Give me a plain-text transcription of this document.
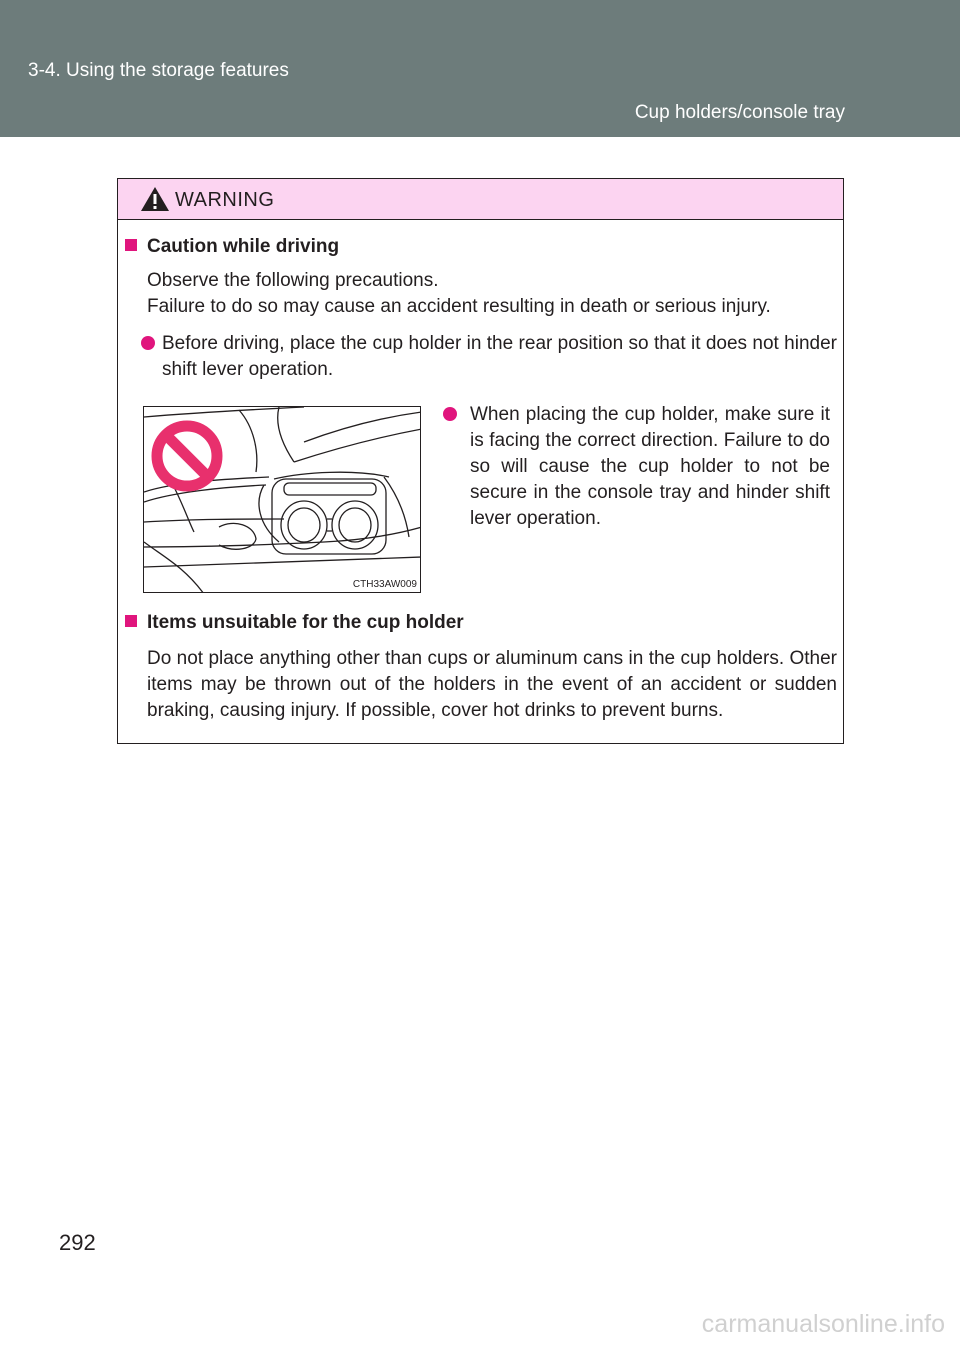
3-4. Using the storage features
Cup holders/console tray
WARNING
Caution while driving
Observe the following precautions.
Failure to do so may cause an accident resulting in death or serious injury.
Before driving, place the cup holder in the rear position so that it does not hinder shift lever operation.
CTH33AW009
When placing the cup holder, make sure it is facing the correct direction. Failure to do so will cause the cup holder to not be secure in the console tray and hinder shift lever operation.
Items unsuitable for the cup holder
Do not place anything other than cups or aluminum cans in the cup holders. Other items may be thrown out of the holders in the event of an accident or sudden braking, causing injury. If possible, cover hot drinks to prevent burns.
292
carmanualsonline.info
